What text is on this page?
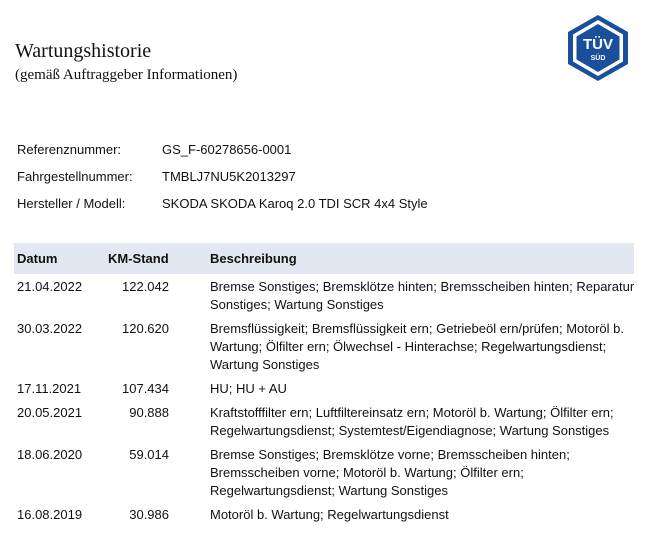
Wartungshistorie
(gemäß Auftraggeber Informationen)
TÜV
SÜD
Referenznummer:	GS_F-60278656-0001
Fahrgestellnummer: TMBLJ7NU5K2013297
Hersteller / Modell:	SKODA SKODA Karoq 2.0 TDI SCR 4x4 Style
Datum	KM-Stand	Beschreibung
21.04.2022	122.042	Bremse Sonstiges; Bremsklötze hinten; Bremsscheiben hinten; Reparatur
Sonstiges; Wartung Sonstiges
30.03.2022	120.620	Bremsflüssigkeit; Bremsflüssigkeit ern; Getriebeöl ern/prüfen; Motoröl b.
Wartung; Ölfilter ern; Ölwechsel - Hinterachse; Regelwartungsdienst;
Wartung Sonstiges
17.11.2021	107.434	HU; HU + AU
20.05.2021	90.888	Kraftstofffilter ern; Luftfiltereinsatz ern; Motoröl b. Wartung; Ölfilter ern;
Regelwartungsdienst; Systemtest/Eigendiagnose; Wartung Sonstiges
18.06.2020	59.014	Bremse Sonstiges; Bremsklötze vorne; Bremsscheiben hinten;
Bremsscheiben vorne; Motoröl b. Wartung; Ölfilter ern;
Regelwartungsdienst; Wartung Sonstiges
16.08.2019	30.986	Motoröl b. Wartung; Regelwartungsdienst
